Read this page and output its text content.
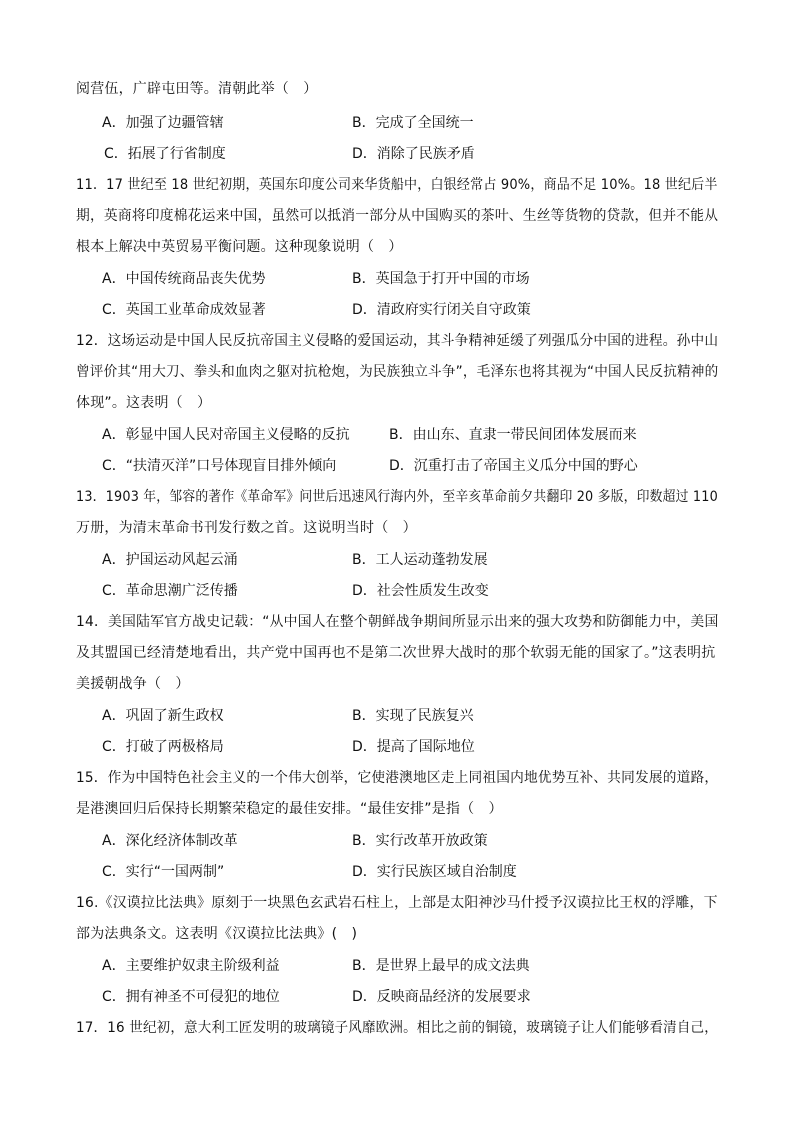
阅营伍，广辟屯田等。清朝此举（　）
A．加强了边疆管辖	B．完成了全国统一
C．拓展了行省制度	D．消除了民族矛盾
11．17 世纪至 18 世纪初期，英国东印度公司来华货船中，白银经常占 90%，商品不足 10%。18 世纪后半
期，英商将印度棉花运来中国，虽然可以抵消一部分从中国购买的茶叶、生丝等货物的贷款，但并不能从
根本上解决中英贸易平衡问题。这种现象说明（　）
A．中国传统商品丧失优势	B．英国急于打开中国的市场
C．英国工业革命成效显著	D．清政府实行闭关自守政策
12．这场运动是中国人民反抗帝国主义侵略的爱国运动，其斗争精神延缓了列强瓜分中国的进程。孙中山
曾评价其“用大刀、拳头和血肉之躯对抗枪炮，为民族独立斗争”，毛泽东也将其视为“中国人民反抗精神的
体现”。这表明（　）
A．彰显中国人民对帝国主义侵略的反抗	B．由山东、直隶一带民间团体发展而来
C．“扶清灭洋”口号体现盲目排外倾向	D．沉重打击了帝国主义瓜分中国的野心
13．1903 年，邹容的著作《革命军》问世后迅速风行海内外，至辛亥革命前夕共翻印 20 多版，印数超过 110
万册，为清末革命书刊发行数之首。这说明当时（　）
A．护国运动风起云涌	B．工人运动蓬勃发展
C．革命思潮广泛传播	D．社会性质发生改变
14．美国陆军官方战史记载：“从中国人在整个朝鲜战争期间所显示出来的强大攻势和防御能力中，美国
及其盟国已经清楚地看出，共产党中国再也不是第二次世界大战时的那个软弱无能的国家了。”这表明抗
美援朝战争（　）
A．巩固了新生政权	B．实现了民族复兴
C．打破了两极格局	D．提高了国际地位
15．作为中国特色社会主义的一个伟大创举，它使港澳地区走上同祖国内地优势互补、共同发展的道路，
是港澳回归后保持长期繁荣稳定的最佳安排。“最佳安排”是指（　）
A．深化经济体制改革	B．实行改革开放政策
C．实行“一国两制”	D．实行民族区域自治制度
16.《汉谟拉比法典》原刻于一块黑色玄武岩石柱上，上部是太阳神沙马什授予汉谟拉比王权的浮雕，下
部为法典条文。这表明《汉谟拉比法典》(　)
A．主要维护奴隶主阶级利益	B．是世界上最早的成文法典
C．拥有神圣不可侵犯的地位	D．反映商品经济的发展要求
17．16 世纪初，意大利工匠发明的玻璃镜子风靡欧洲。相比之前的铜镜，玻璃镜子让人们能够看清自己，
